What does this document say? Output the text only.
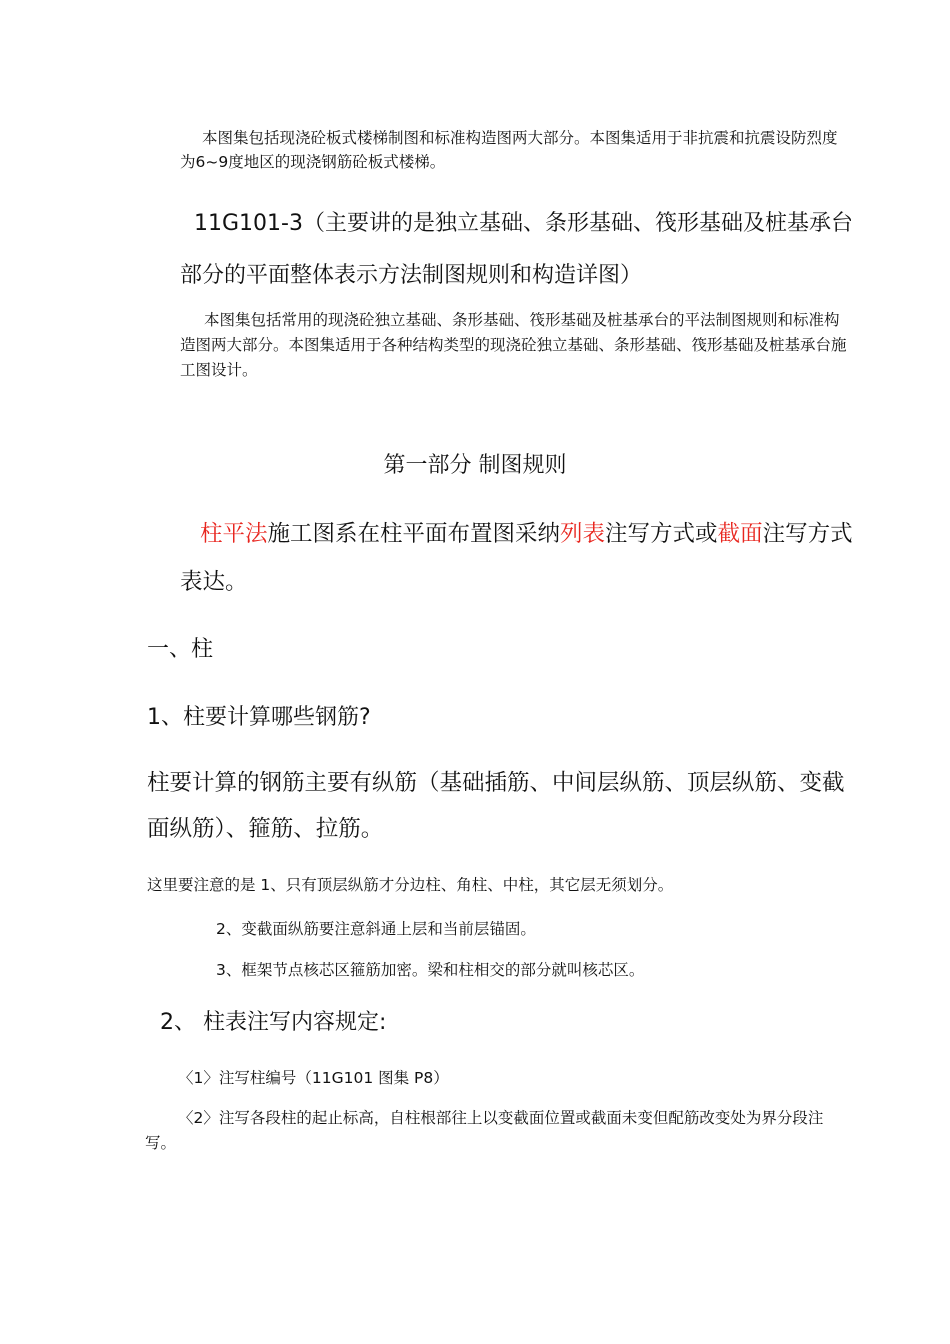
本图集包括现浇砼板式楼梯制图和标准构造图两大部分。本图集适用于非抗震和抗震设防烈度为6~9度地区的现浇钢筋砼板式楼梯。

11G101-3（主要讲的是独立基础、条形基础、筏形基础及桩基承台部分的平面整体表示方法制图规则和构造详图）

本图集包括常用的现浇砼独立基础、条形基础、筏形基础及桩基承台的平法制图规则和标准构造图两大部分。本图集适用于各种结构类型的现浇砼独立基础、条形基础、筏形基础及桩基承台施工图设计。

第一部分 制图规则

柱平法施工图系在柱平面布置图采纳列表注写方式或截面注写方式表达。

一、柱

1、柱要计算哪些钢筋?

柱要计算的钢筋主要有纵筋（基础插筋、中间层纵筋、顶层纵筋、变截面纵筋）、箍筋、拉筋。

这里要注意的是 1、只有顶层纵筋才分边柱、角柱、中柱，其它层无须划分。

2、变截面纵筋要注意斜通上层和当前层锚固。

3、框架节点核芯区箍筋加密。梁和柱相交的部分就叫核芯区。

2、 柱表注写内容规定:

〈1〉注写柱编号（11G101 图集 P8）

〈2〉注写各段柱的起止标高，自柱根部往上以变截面位置或截面未变但配筋改变处为界分段注写。
